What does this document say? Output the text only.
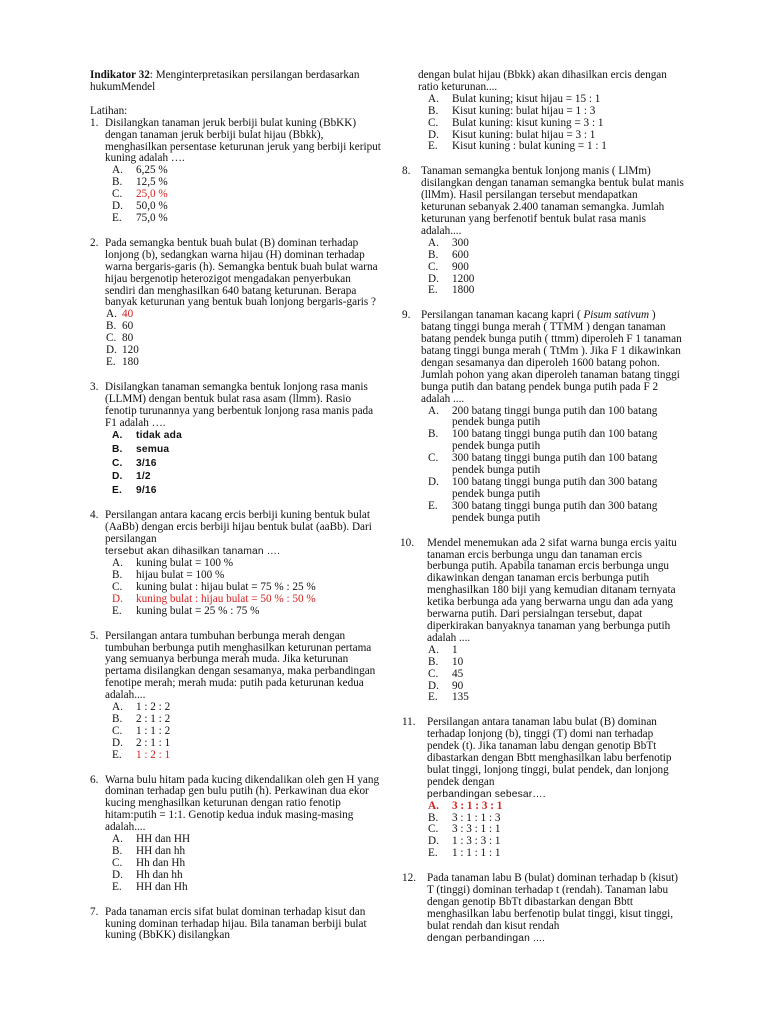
Indikator 32: Menginterpretasikan persilangan berdasarkan hukumMendel
Latihan:
1. Disilangkan tanaman jeruk berbiji bulat kuning (BbKK) dengan tanaman jeruk berbiji bulat hijau (Bbkk), menghasilkan persentase keturunan jeruk yang berbiji keriput kuning adalah ….
A.	6,25 %
B.	12,5 %
C.	25,0 %
D.	50,0 %
E.	75,0 %
2. Pada semangka bentuk buah bulat (B) dominan terhadap lonjong (b), sedangkan warna hijau (H) dominan terhadap warna bergaris-garis (h). Semangka bentuk buah bulat warna hijau bergenotip heterozigot mengadakan penyerbukan sendiri dan menghasilkan 640 batang keturunan. Berapa banyak keturunan yang bentuk buah lonjong bergaris-garis ?
A. 40
B. 60
C. 80
D. 120
E. 180
3. Disilangkan tanaman semangka bentuk lonjong rasa manis (LLMM) dengan bentuk bulat rasa asam (llmm). Rasio fenotip turunannya yang berbentuk lonjong rasa manis pada F1 adalah ….
A.	tidak ada
B.	semua
C.	3/16
D.	1/2
E.	9/16
4. Persilangan antara kacang ercis berbiji kuning bentuk bulat (AaBb) dengan ercis berbiji hijau bentuk bulat (aaBb). Dari persilangan
tersebut akan dihasilkan tanaman ….
A.	kuning bulat = 100 %
B.	hijau bulat = 100 %
C.	kuning bulat : hijau bulat = 75 % : 25 %
D.	kuning bulat : hijau bulat = 50 % : 50 %
E.	kuning bulat = 25 % : 75 %
5. Persilangan antara tumbuhan berbunga merah dengan tumbuhan berbunga putih menghasilkan keturunan pertama yang semuanya berbunga merah muda. Jika keturunan pertama disilangkan dengan sesamanya, maka perbandingan fenotipe merah; merah muda: putih pada keturunan kedua adalah....
A.	1 : 2 : 2
B.	2 : 1 : 2
C.	1 : 1 : 2
D.	2 : 1 : 1
E.	1 : 2 : 1
6. Warna bulu hitam pada kucing dikendalikan oleh gen H yang dominan terhadap gen bulu putih (h). Perkawinan dua ekor kucing menghasilkan keturunan dengan ratio fenotip hitam:putih = 1:1. Genotip kedua induk masing-masing adalah....
A.	HH dan HH
B.	HH dan hh
C.	Hh dan Hh
D.	Hh dan hh
E.	HH dan Hh
7. Pada tanaman ercis sifat bulat dominan terhadap kisut dan kuning dominan terhadap hijau. Bila tanaman berbiji bulat kuning (BbKK) disilangkan
dengan bulat hijau (Bbkk) akan dihasilkan ercis dengan ratio keturunan....
A.	Bulat kuning; kisut hijau = 15 : 1
B.	Kisut kuning: bulat hijau = 1 : 3
C.	Bulat kuning: kisut kuning = 3 : 1
D.	Kisut kuning: bulat hijau = 3 : 1
E.	Kisut kuning : bulat kuning = 1 : 1
8. Tanaman semangka bentuk lonjong manis ( LlMm) disilangkan dengan tanaman semangka bentuk bulat manis (llMm). Hasil persilangan tersebut mendapatkan keturunan sebanyak 2.400 tanaman semangka. Jumlah keturunan yang berfenotif bentuk bulat rasa manis adalah....
A.	300
B.	600
C.	900
D.	1200
E.	1800
9. Persilangan tanaman kacang kapri ( Pisum sativum ) batang tinggi bunga merah ( TTMM ) dengan tanaman batang pendek bunga putih ( ttmm) diperoleh F 1 tanaman batang tinggi bunga merah ( TtMm ). Jika F 1 dikawinkan dengan sesamanya dan diperoleh 1600 batang pohon. Jumlah pohon yang akan diperoleh tanaman batang tinggi bunga putih dan batang pendek bunga putih pada F 2 adalah ....
A.	200 batang tinggi bunga putih dan 100 batang pendek bunga putih
B.	100 batang tinggi bunga putih dan 100 batang pendek bunga putih
C.	300 batang tinggi bunga putih dan 100 batang pendek bunga putih
D.	100 batang tinggi bunga putih dan 300 batang pendek bunga putih
E.	300 batang tinggi bunga putih dan 300 batang pendek bunga putih
10.	Mendel menemukan ada 2 sifat warna bunga ercis yaitu tanaman ercis berbunga ungu dan tanaman ercis berbunga putih. Apabila tanaman ercis berbunga ungu dikawinkan dengan tanaman ercis berbunga putih menghasilkan 180 biji yang kemudian ditanam ternyata ketika berbunga ada yang berwarna ungu dan ada yang berwarna putih. Dari persialngan tersebut, dapat diperkirakan banyaknya tanaman yang berbunga putih adalah ....
A.	1
B.	10
C.	45
D.	90
E.	135
11.	Persilangan antara tanaman labu bulat (B) dominan terhadap lonjong (b), tinggi (T) domi nan terhadap pendek (t). Jika tanaman labu dengan genotip BbTt dibastarkan dengan Bbtt menghasilkan labu berfenotip bulat tinggi, lonjong tinggi, bulat pendek, dan lonjong pendek dengan
perbandingan sebesar….
A.	3 : 1 : 3 : 1
B.	3 : 1 : 1 : 3
C.	3 : 3 : 1 : 1
D.	1 : 3 : 3 : 1
E.	1 : 1 : 1 : 1
12. Pada tanaman labu B (bulat) dominan terhadap b (kisut) T (tinggi) dominan terhadap t (rendah). Tanaman labu dengan genotip BbTt dibastarkan dengan Bbtt menghasilkan labu berfenotip bulat tinggi, kisut tinggi, bulat rendah dan kisut rendah
dengan perbandingan ....
